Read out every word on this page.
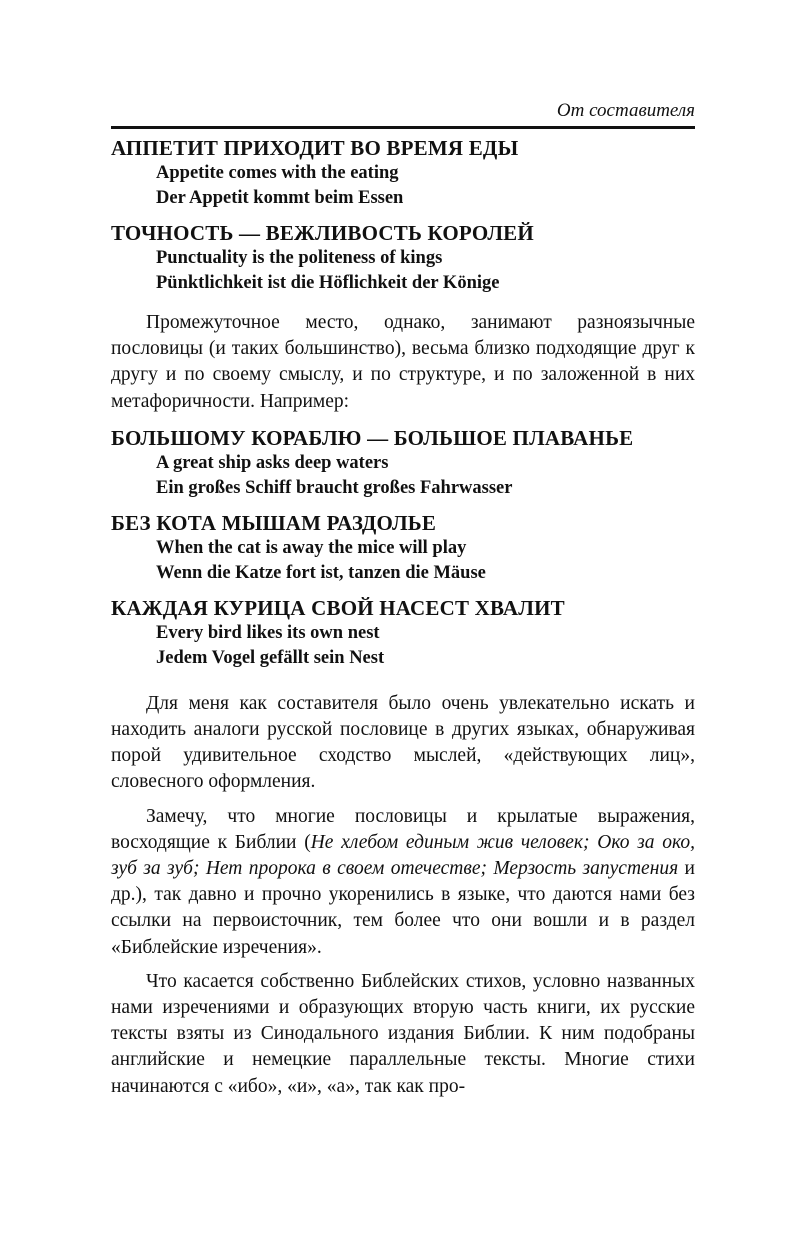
От составителя
АППЕТИТ ПРИХОДИТ ВО ВРЕМЯ ЕДЫ
Appetite comes with the eating
Der Appetit kommt beim Essen
ТОЧНОСТЬ — ВЕЖЛИВОСТЬ КОРОЛЕЙ
Punctuality is the politeness of kings
Pünktlichkeit ist die Höflichkeit der Könige

Промежуточное место, однако, занимают разноязычные пословицы (и таких большинство), весьма близко подходящие друг к другу и по своему смыслу, и по структуре, и по заложенной в них метафоричности. Например:

БОЛЬШОМУ КОРАБЛЮ — БОЛЬШОЕ ПЛАВАНЬЕ
A great ship asks deep waters
Ein großes Schiff braucht großes Fahrwasser
БЕЗ КОТА МЫШАМ РАЗДОЛЬЕ
When the cat is away the mice will play
Wenn die Katze fort ist, tanzen die Mäuse
КАЖДАЯ КУРИЦА СВОЙ НАСЕСТ ХВАЛИТ
Every bird likes its own nest
Jedem Vogel gefällt sein Nest

Для меня как составителя было очень увлекательно искать и находить аналоги русской пословице в других языках, обнаруживая порой удивительное сходство мыслей, «действующих лиц», словесного оформления.

Замечу, что многие пословицы и крылатые выражения, восходящие к Библии (Не хлебом единым жив человек; Око за око, зуб за зуб; Нет пророка в своем отечестве; Мерзость запустения и др.), так давно и прочно укоренились в языке, что даются нами без ссылки на первоисточник, тем более что они вошли и в раздел «Библейские изречения».

Что касается собственно Библейских стихов, условно названных нами изречениями и образующих вторую часть книги, их русские тексты взяты из Синодального издания Библии. К ним подобраны английские и немецкие параллельные тексты. Многие стихи начинаются с «ибо», «и», «а», так как про-
